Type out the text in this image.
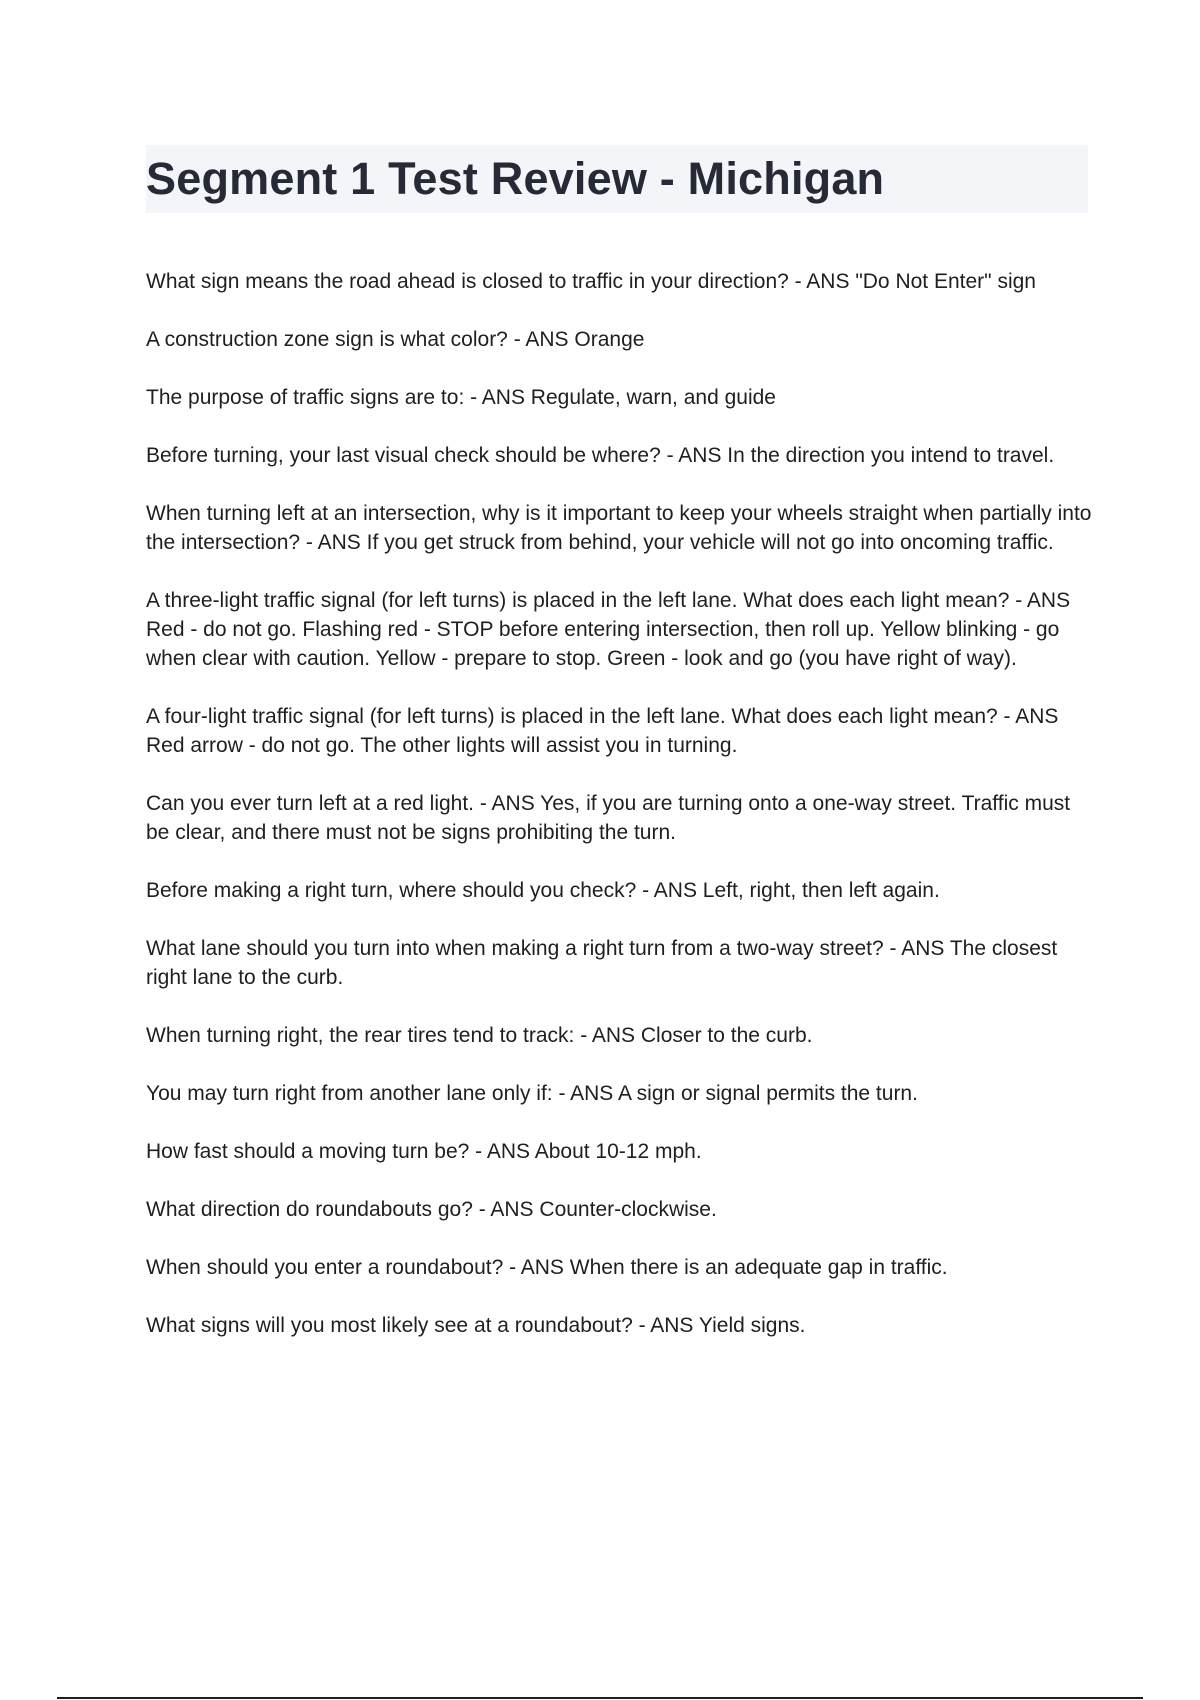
Segment 1 Test Review - Michigan

What sign means the road ahead is closed to traffic in your direction? - ANS "Do Not Enter" sign

A construction zone sign is what color? - ANS Orange

The purpose of traffic signs are to: - ANS Regulate, warn, and guide

Before turning, your last visual check should be where? - ANS In the direction you intend to travel.

When turning left at an intersection, why is it important to keep your wheels straight when partially into the intersection? - ANS If you get struck from behind, your vehicle will not go into oncoming traffic.

A three-light traffic signal (for left turns) is placed in the left lane. What does each light mean? - ANS Red - do not go. Flashing red - STOP before entering intersection, then roll up. Yellow blinking - go when clear with caution. Yellow - prepare to stop. Green - look and go (you have right of way).

A four-light traffic signal (for left turns) is placed in the left lane. What does each light mean? - ANS Red arrow - do not go. The other lights will assist you in turning.

Can you ever turn left at a red light. - ANS Yes, if you are turning onto a one-way street. Traffic must be clear, and there must not be signs prohibiting the turn.

Before making a right turn, where should you check? - ANS Left, right, then left again.

What lane should you turn into when making a right turn from a two-way street? - ANS The closest right lane to the curb.

When turning right, the rear tires tend to track: - ANS Closer to the curb.

You may turn right from another lane only if: - ANS A sign or signal permits the turn.

How fast should a moving turn be? - ANS About 10-12 mph.

What direction do roundabouts go? - ANS Counter-clockwise.

When should you enter a roundabout? - ANS When there is an adequate gap in traffic.

What signs will you most likely see at a roundabout? - ANS Yield signs.
